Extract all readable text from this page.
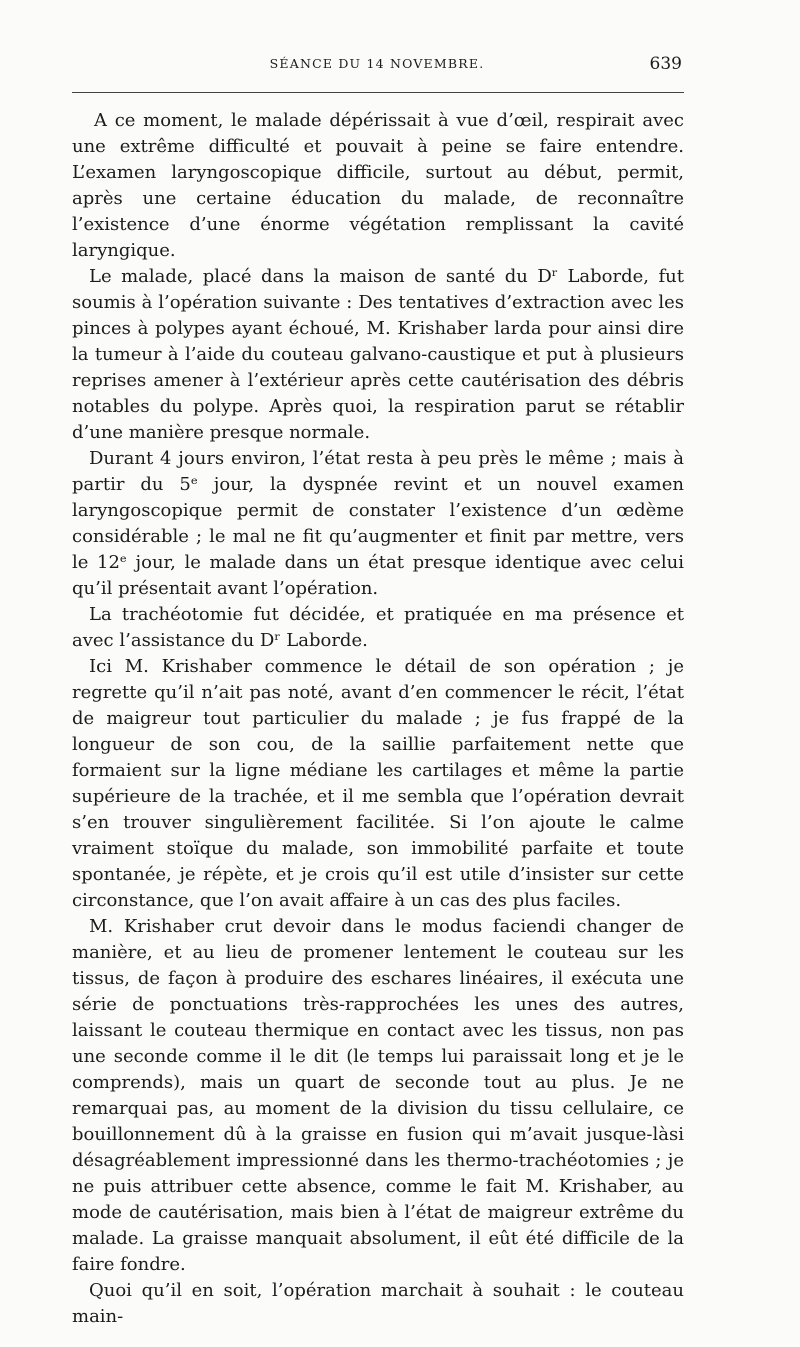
SÉANCE DU 14 NOVEMBRE.	639

A ce moment, le malade dépérissait à vue d’œil, respirait avec une extrême difficulté et pouvait à peine se faire entendre. L’examen laryngoscopique difficile, surtout au début, permit, après une certaine éducation du malade, de reconnaître l’existence d’une énorme végétation remplissant la cavité laryngique.

Le malade, placé dans la maison de santé du Dʳ Laborde, fut soumis à l’opération suivante : Des tentatives d’extraction avec les pinces à polypes ayant échoué, M. Krishaber larda pour ainsi dire la tumeur à l’aide du couteau galvano-caustique et put à plusieurs reprises amener à l’extérieur après cette cautérisation des débris notables du polype. Après quoi, la respiration parut se rétablir d’une manière presque normale.

Durant 4 jours environ, l’état resta à peu près le même ; mais à partir du 5ᵉ jour, la dyspnée revint et un nouvel examen laryngoscopique permit de constater l’existence d’un œdème considérable ; le mal ne fit qu’augmenter et finit par mettre, vers le 12ᵉ jour, le malade dans un état presque identique avec celui qu’il présentait avant l’opération.

La trachéotomie fut décidée, et pratiquée en ma présence et avec l’assistance du Dʳ Laborde.

Ici M. Krishaber commence le détail de son opération ; je regrette qu’il n’ait pas noté, avant d’en commencer le récit, l’état de maigreur tout particulier du malade ; je fus frappé de la longueur de son cou, de la saillie parfaitement nette que formaient sur la ligne médiane les cartilages et même la partie supérieure de la trachée, et il me sembla que l’opération devrait s’en trouver singulièrement facilitée. Si l’on ajoute le calme vraiment stoïque du malade, son immobilité parfaite et toute spontanée, je répète, et je crois qu’il est utile d’insister sur cette circonstance, que l’on avait affaire à un cas des plus faciles.

M. Krishaber crut devoir dans le modus faciendi changer de manière, et au lieu de promener lentement le couteau sur les tissus, de façon à produire des eschares linéaires, il exécuta une série de ponctuations très-rapprochées les unes des autres, laissant le couteau thermique en contact avec les tissus, non pas une seconde comme il le dit (le temps lui paraissait long et je le comprends), mais un quart de seconde tout au plus. Je ne remarquai pas, au moment de la division du tissu cellulaire, ce bouillonnement dû à la graisse en fusion qui m’avait jusque-làsi désagréablement impressionné dans les thermo-trachéotomies ; je ne puis attribuer cette absence, comme le fait M. Krishaber, au mode de cautérisation, mais bien à l’état de maigreur extrême du malade. La graisse manquait absolument, il eût été difficile de la faire fondre.

Quoi qu’il en soit, l’opération marchait à souhait : le couteau main-
